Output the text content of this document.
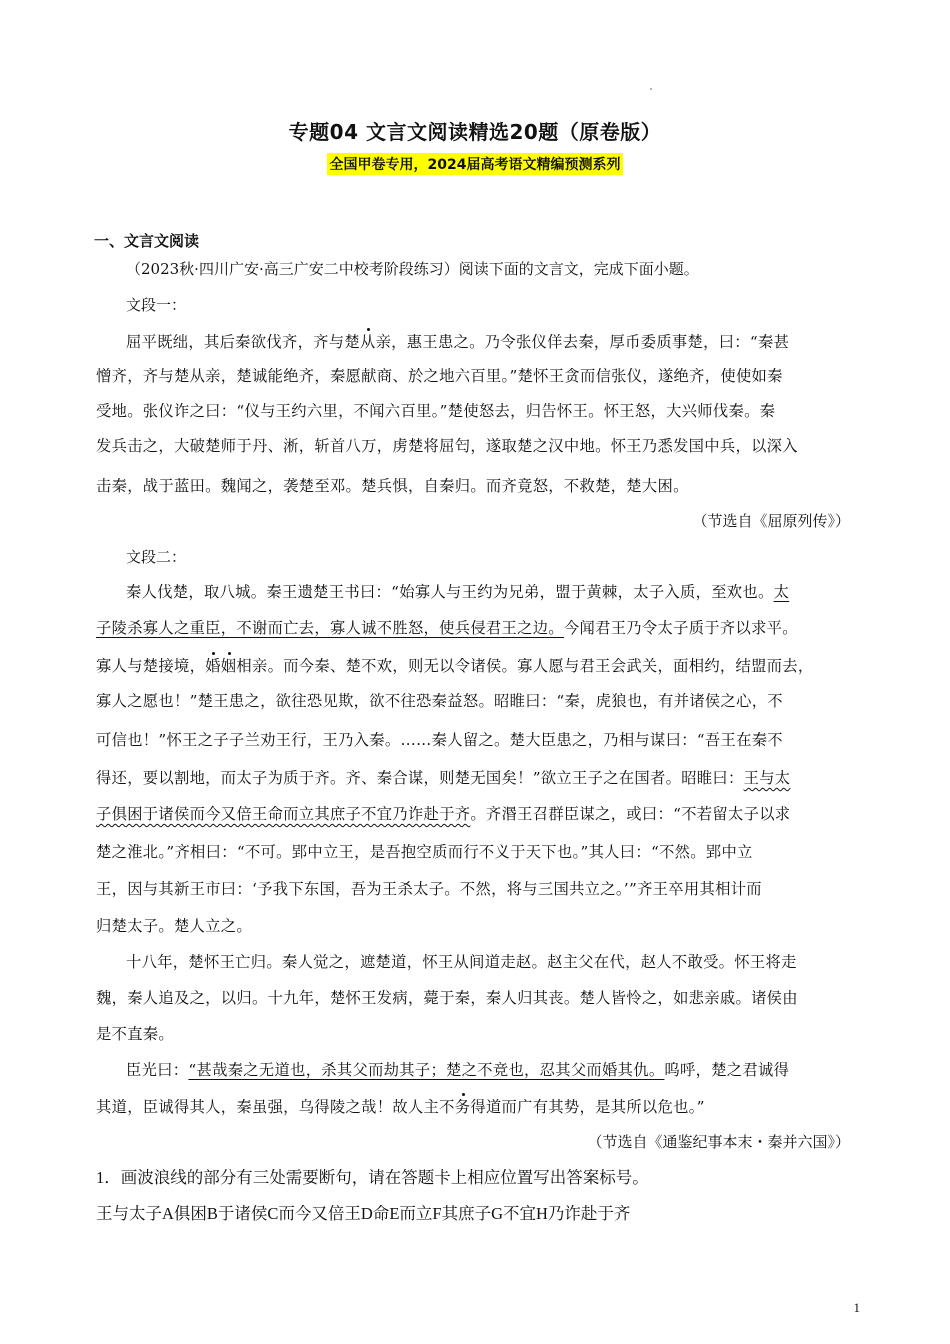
专题04 文言文阅读精选20题（原卷版）
全国甲卷专用，2024届高考语文精编预测系列
一、文言文阅读
（2023秋·四川广安·高三广安二中校考阶段练习）阅读下面的文言文，完成下面小题。
文段一：
屈平既绌，其后秦欲伐齐，齐与楚从亲，惠王患之。乃令张仪佯去秦，厚币委质事楚，曰：“秦甚
憎齐，齐与楚从亲，楚诚能绝齐，秦愿献商、於之地六百里。”楚怀王贪而信张仪，遂绝齐，使使如秦
受地。张仪诈之曰：“仪与王约六里，不闻六百里。”楚使怒去，归告怀王。怀王怒，大兴师伐秦。秦
发兵击之，大破楚师于丹、淅，斩首八万，虏楚将屈匄，遂取楚之汉中地。怀王乃悉发国中兵，以深入
击秦，战于蓝田。魏闻之，袭楚至邓。楚兵惧，自秦归。而齐竟怒，不救楚，楚大困。
（节选自《屈原列传》）
文段二：
秦人伐楚，取八城。秦王遗楚王书曰：“始寡人与王约为兄弟，盟于黄棘，太子入质，至欢也。太
子陵杀寡人之重臣，不谢而亡去，寡人诚不胜怒，使兵侵君王之边。今闻君王乃令太子质于齐以求平。
寡人与楚接境，婚姻相亲。而今秦、楚不欢，则无以令诸侯。寡人愿与君王会武关，面相约，结盟而去，
寡人之愿也！”楚王患之，欲往恐见欺，欲不往恐秦益怒。昭睢曰：“秦，虎狼也，有并诸侯之心，不
可信也！”怀王之子子兰劝王行，王乃入秦。……秦人留之。楚大臣患之，乃相与谋曰：“吾王在秦不
得还，要以割地，而太子为质于齐。齐、秦合谋，则楚无国矣！”欲立王子之在国者。昭睢曰：王与太
子俱困于诸侯而今又倍王命而立其庶子不宜乃诈赴于齐。齐湣王召群臣谋之，或曰：“不若留太子以求
楚之淮北。”齐相曰：“不可。郢中立王，是吾抱空质而行不义于天下也。”其人曰：“不然。郢中立
王，因与其新王市曰：‘予我下东国，吾为王杀太子。不然，将与三国共立之。’”齐王卒用其相计而
归楚太子。楚人立之。
十八年，楚怀王亡归。秦人觉之，遮楚道，怀王从间道走赵。赵主父在代，赵人不敢受。怀王将走
魏，秦人追及之，以归。十九年，楚怀王发病，薨于秦，秦人归其丧。楚人皆怜之，如悲亲戚。诸侯由
是不直秦。
臣光曰：“甚哉秦之无道也，杀其父而劫其子；楚之不竞也，忍其父而婚其仇。呜呼，楚之君诚得
其道，臣诚得其人，秦虽强，乌得陵之哉！故人主不务得道而广有其势，是其所以危也。”
（节选自《通鉴纪事本末・秦并六国》）
1．画波浪线的部分有三处需要断句，请在答题卡上相应位置写出答案标号。
王与太子A俱困B于诸侯C而今又倍王D命E而立F其庶子G不宜H乃诈赴于齐
1
